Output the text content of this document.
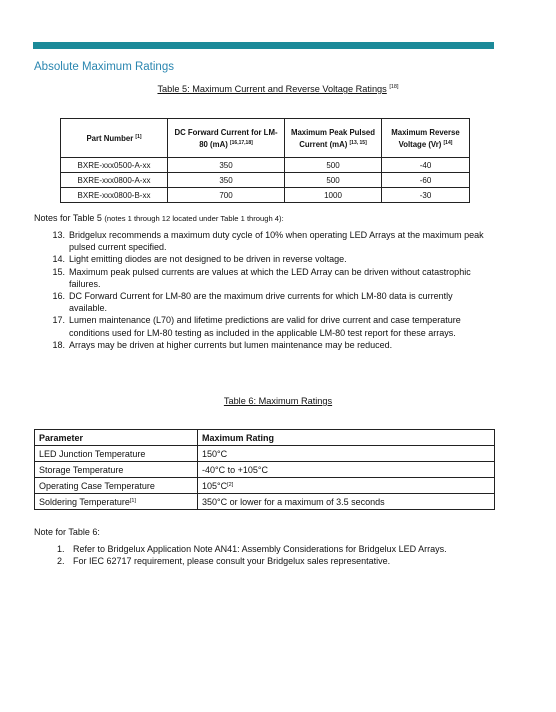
Absolute Maximum Ratings
Table 5: Maximum Current and Reverse Voltage Ratings [18]
Part Number [1]	DC Forward Current for LM-80 (mA) [16,17,18]	Maximum Peak Pulsed Current (mA) [13, 15]	Maximum Reverse Voltage (Vr) [14]
BXRE-xxx0500-A-xx	350	500	-40
BXRE-xxx0800-A-xx	350	500	-60
BXRE-xxx0800-B-xx	700	1000	-30
Notes for Table 5 (notes 1 through 12 located under Table 1 through 4):
13. Bridgelux recommends a maximum duty cycle of 10% when operating LED Arrays at the maximum peak pulsed current specified.
14. Light emitting diodes are not designed to be driven in reverse voltage.
15. Maximum peak pulsed currents are values at which the LED Array can be driven without catastrophic failures.
16. DC Forward Current for LM-80 are the maximum drive currents for which LM-80 data is currently available.
17. Lumen maintenance (L70) and lifetime predictions are valid for drive current and case temperature conditions used for LM-80 testing as included in the applicable LM-80 test report for these arrays.
18. Arrays may be driven at higher currents but lumen maintenance may be reduced.
Table 6: Maximum Ratings
Parameter	Maximum Rating
LED Junction Temperature	150°C
Storage Temperature	-40°C to +105°C
Operating Case Temperature	105°C[2]
Soldering Temperature[1]	350°C or lower for a maximum of 3.5 seconds
Note for Table 6:
1. Refer to Bridgelux Application Note AN41: Assembly Considerations for Bridgelux LED Arrays.
2. For IEC 62717 requirement, please consult your Bridgelux sales representative.
